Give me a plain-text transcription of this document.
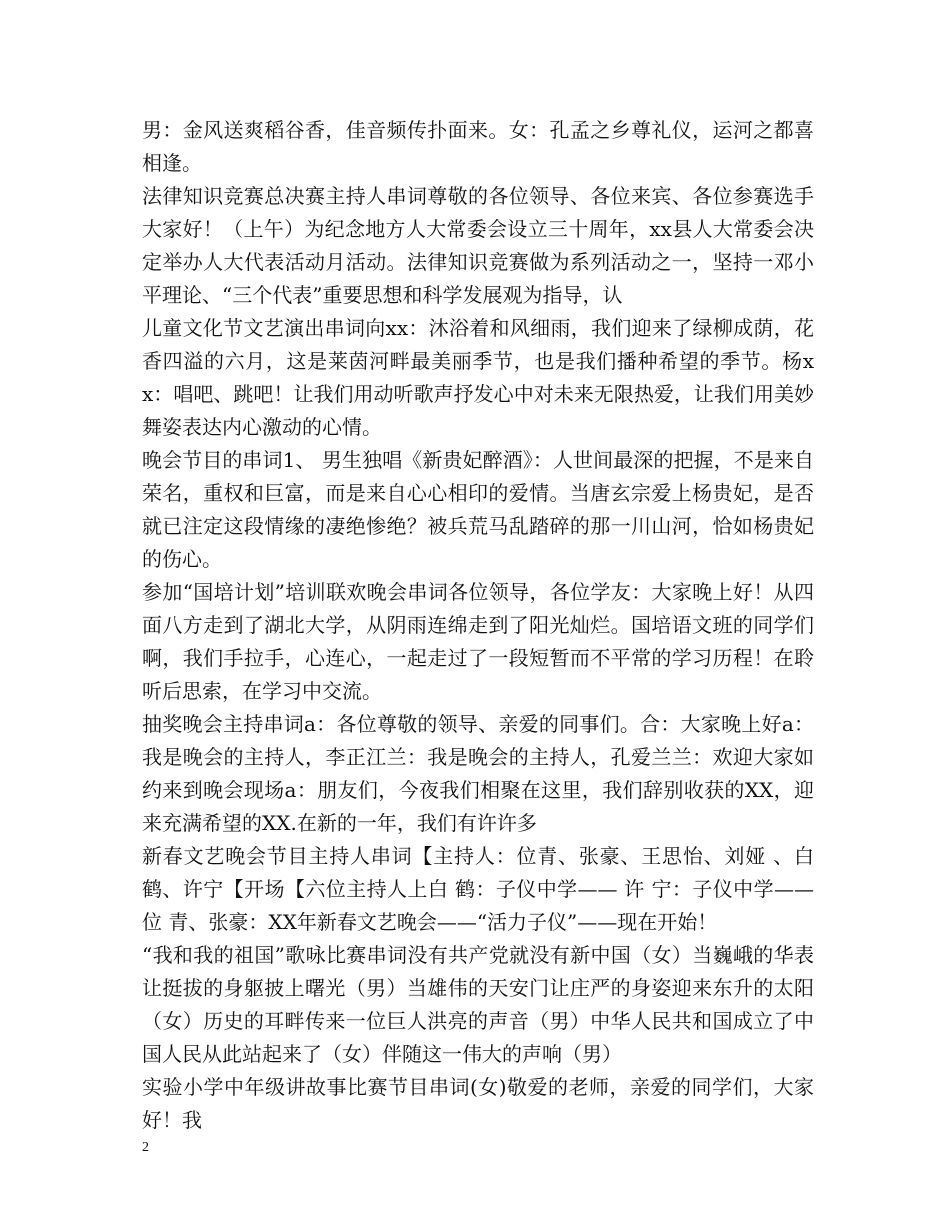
男：金风送爽稻谷香，佳音频传扑面来。女：孔孟之乡尊礼仪，运河之都喜相逢。

法律知识竞赛总决赛主持人串词尊敬的各位领导、各位来宾、各位参赛选手大家好！（上午）为纪念地方人大常委会设立三十周年，xx县人大常委会决定举办人大代表活动月活动。法律知识竞赛做为系列活动之一，坚持一邓小平理论、“三个代表”重要思想和科学发展观为指导，认

儿童文化节文艺演出串词向xx：沐浴着和风细雨，我们迎来了绿柳成荫，花香四溢的六月，这是莱茵河畔最美丽季节，也是我们播种希望的季节。杨xx：唱吧、跳吧！让我们用动听歌声抒发心中对未来无限热爱，让我们用美妙舞姿表达内心激动的心情。

晚会节目的串词1、 男生独唱《新贵妃醉酒》：人世间最深的把握，不是来自荣名，重权和巨富，而是来自心心相印的爱情。当唐玄宗爱上杨贵妃，是否就已注定这段情缘的凄绝惨绝？被兵荒马乱踏碎的那一川山河，恰如杨贵妃的伤心。

参加“国培计划”培训联欢晚会串词各位领导，各位学友：大家晚上好！从四面八方走到了湖北大学，从阴雨连绵走到了阳光灿烂。国培语文班的同学们啊，我们手拉手，心连心，一起走过了一段短暂而不平常的学习历程！在聆听后思索，在学习中交流。

抽奖晚会主持串词a：各位尊敬的领导、亲爱的同事们。合：大家晚上好a：我是晚会的主持人，李正江兰：我是晚会的主持人，孔爱兰兰：欢迎大家如约来到晚会现场a：朋友们，今夜我们相聚在这里，我们辞别收获的XX，迎来充满希望的XX.在新的一年，我们有许许多

新春文艺晚会节目主持人串词【主持人：位青、张豪、王思怡、刘娅 、白鹤、许宁【开场【六位主持人上白 鹤：子仪中学—— 许 宁：子仪中学—— 位 青、张豪：XX年新春文艺晚会——“活力子仪”——现在开始！

“我和我的祖国”歌咏比赛串词没有共产党就没有新中国（女）当巍峨的华表让挺拔的身躯披上曙光（男）当雄伟的天安门让庄严的身姿迎来东升的太阳（女）历史的耳畔传来一位巨人洪亮的声音（男）中华人民共和国成立了中国人民从此站起来了（女）伴随这一伟大的声响（男）

实验小学中年级讲故事比赛节目串词(女)敬爱的老师，亲爱的同学们，大家好！我

2
